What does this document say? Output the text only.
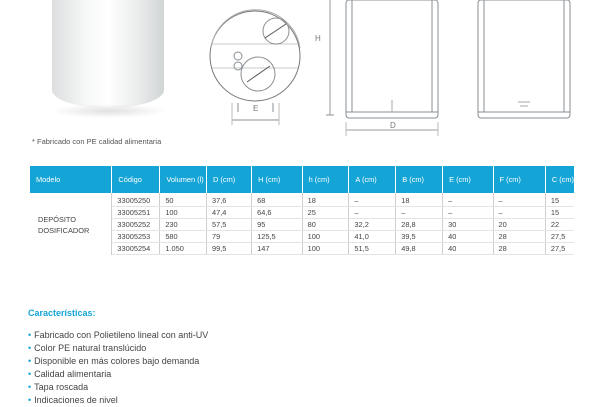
E
H
D
* Fabricado con PE calidad alimentaria
Modelo	Código	Volumen (l)	D (cm)	H (cm)	h (cm)	A (cm)	B (cm)	E (cm)	F (cm)	C (cm)
DEPÓSITO
DOSIFICADOR	33005250	50	37,6	68	18	–	18	–	–	15
	33005251	100	47,4	64,6	25	–	–	–	–	15
	33005252	230	57,5	95	80	32,2	28,8	30	20	22
	33005253	580	79	125,5	100	41,0	39,5	40	28	27,5
	33005254	1.050	99,5	147	100	51,5	49,8	40	28	27,5
Características:
• Fabricado con Polietileno lineal con anti-UV
• Color PE natural translúcido
• Disponible en más colores bajo demanda
• Calidad alimentaria
• Tapa roscada
• Indicaciones de nivel
